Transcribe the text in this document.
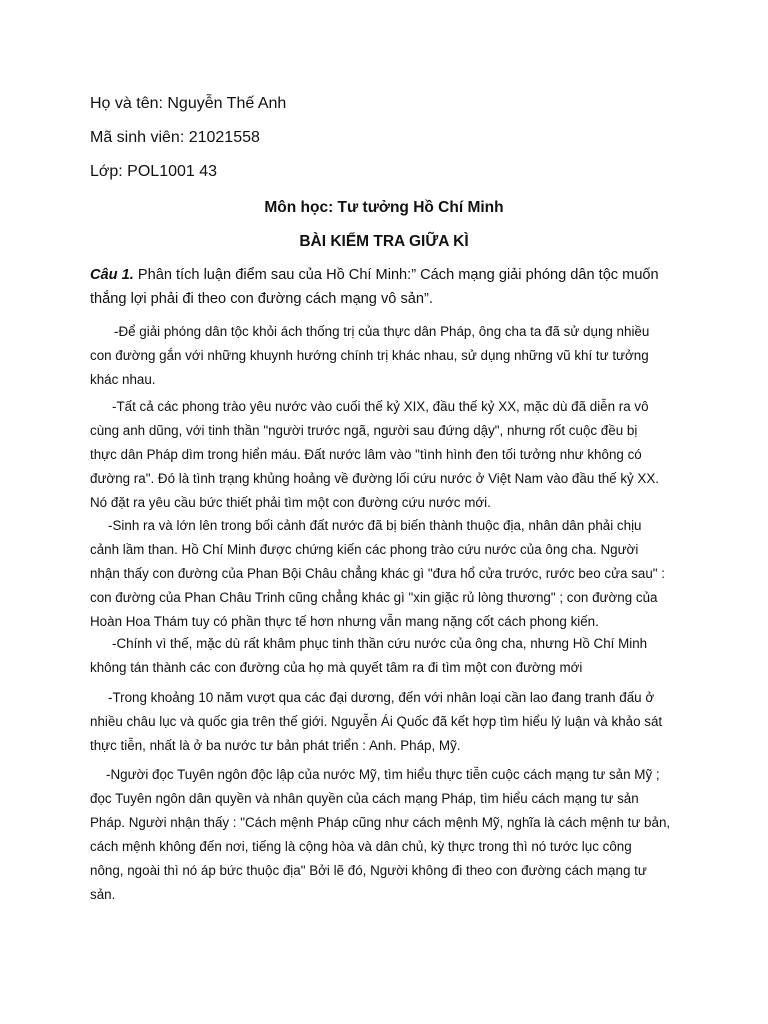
Họ và tên: Nguyễn Thế Anh
Mã sinh viên: 21021558
Lớp: POL1001 43
Môn học: Tư tưởng Hồ Chí Minh
BÀI KIỂM TRA GIỮA KÌ
Câu 1. Phân tích luận điểm sau của Hồ Chí Minh:” Cách mạng giải phóng dân tộc muốn
thắng lợi phải đi theo con đường cách mạng vô sản”.
-Để giải phóng dân tộc khỏi ách thống trị của thực dân Pháp, ông cha ta đã sử dụng nhiều
con đường gắn với những khuynh hướng chính trị khác nhau, sử dụng những vũ khí tư tưởng
khác nhau.
-Tất cả các phong trào yêu nước vào cuối thế kỷ XIX, đầu thế kỷ XX, mặc dù đã diễn ra vô
cùng anh dũng, với tinh thần "người trước ngã, người sau đứng dậy", nhưng rốt cuộc đều bị
thực dân Pháp dìm trong hiển máu. Đất nước lâm vào "tình hình đen tối tưởng như không có
đường ra". Đó là tình trạng khủng hoảng về đường lối cứu nước ở Việt Nam vào đầu thế kỷ XX.
Nó đặt ra yêu cầu bức thiết phải tìm một con đường cứu nước mới.
-Sinh ra và lớn lên trong bối cảnh đất nước đã bị biến thành thuộc địa, nhân dân phải chịu
cảnh lầm than. Hồ Chí Minh được chứng kiến các phong trào cứu nước của ông cha. Người
nhận thấy con đường của Phan Bội Châu chẳng khác gì "đưa hổ cửa trước, rước beo cửa sau" :
con đường của Phan Châu Trinh cũng chẳng khác gì "xin giặc rủ lòng thương" ; con đường của
Hoàn Hoa Thám tuy có phần thực tế hơn nhưng vẫn mang nặng cốt cách phong kiến.
-Chính vì thế, mặc dù rất khâm phục tinh thần cứu nước của ông cha, nhưng Hồ Chí Minh
không tán thành các con đường của họ mà quyết tâm ra đi tìm một con đường mới
-Trong khoảng 10 năm vượt qua các đại dương, đến với nhân loại cần lao đang tranh đấu ở
nhiều châu lục và quốc gia trên thế giới. Nguyễn Ái Quốc đã kết hợp tìm hiểu lý luận và khảo sát
thực tiễn, nhất là ở ba nước tư bản phát triển : Anh. Pháp, Mỹ.
-Người đọc Tuyên ngôn độc lập của nước Mỹ, tìm hiểu thực tiễn cuộc cách mạng tư sản Mỹ ;
đọc Tuyên ngôn dân quyền và nhân quyền của cách mạng Pháp, tìm hiểu cách mạng tư sản
Pháp. Người nhận thấy : "Cách mệnh Pháp cũng như cách mệnh Mỹ, nghĩa là cách mệnh tư bản,
cách mệnh không đến nơi, tiếng là cộng hòa và dân chủ, kỳ thực trong thì nó tước lục công
nông, ngoài thì nó áp bức thuộc địa" Bởi lẽ đó, Người không đi theo con đường cách mạng tư
sản.
